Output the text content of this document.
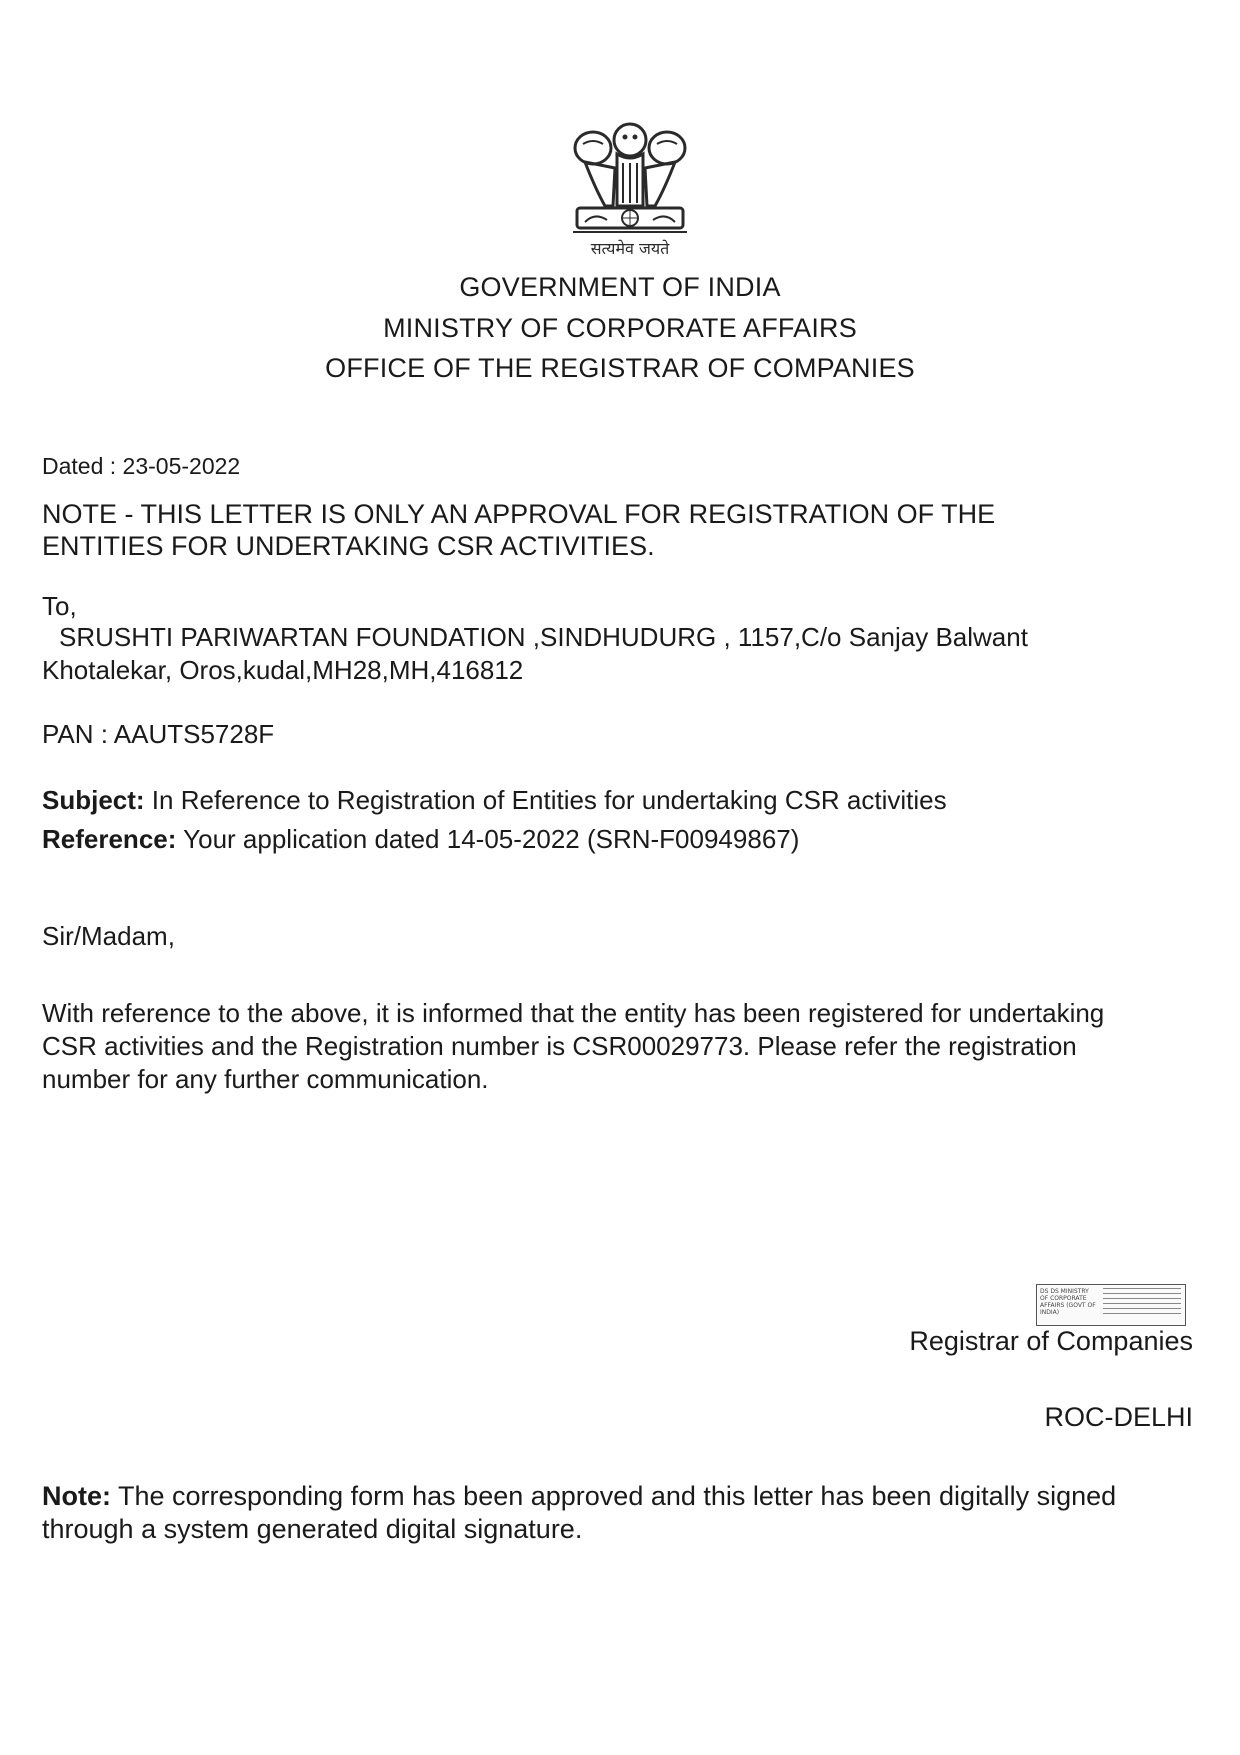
सत्यमेव जयते
GOVERNMENT OF INDIA
MINISTRY OF CORPORATE AFFAIRS
OFFICE OF THE REGISTRAR OF COMPANIES
Dated : 23-05-2022
NOTE - THIS LETTER IS ONLY AN APPROVAL FOR REGISTRATION OF THE
ENTITIES FOR UNDERTAKING CSR ACTIVITIES.
To,
SRUSHTI PARIWARTAN FOUNDATION ,SINDHUDURG , 1157,C/o Sanjay Balwant
Khotalekar, Oros,kudal,MH28,MH,416812
PAN : AAUTS5728F
Subject: In Reference to Registration of Entities for undertaking CSR activities
Reference: Your application dated 14-05-2022 (SRN-F00949867)
Sir/Madam,
With reference to the above, it is informed that the entity has been registered for undertaking
CSR activities and the Registration number is CSR00029773. Please refer the registration
number for any further communication.
DS DS MINISTRY OF CORPORATE AFFAIRS (GOVT OF INDIA)
Registrar of Companies
ROC-DELHI
Note: The corresponding form has been approved and this letter has been digitally signed
through a system generated digital signature.
